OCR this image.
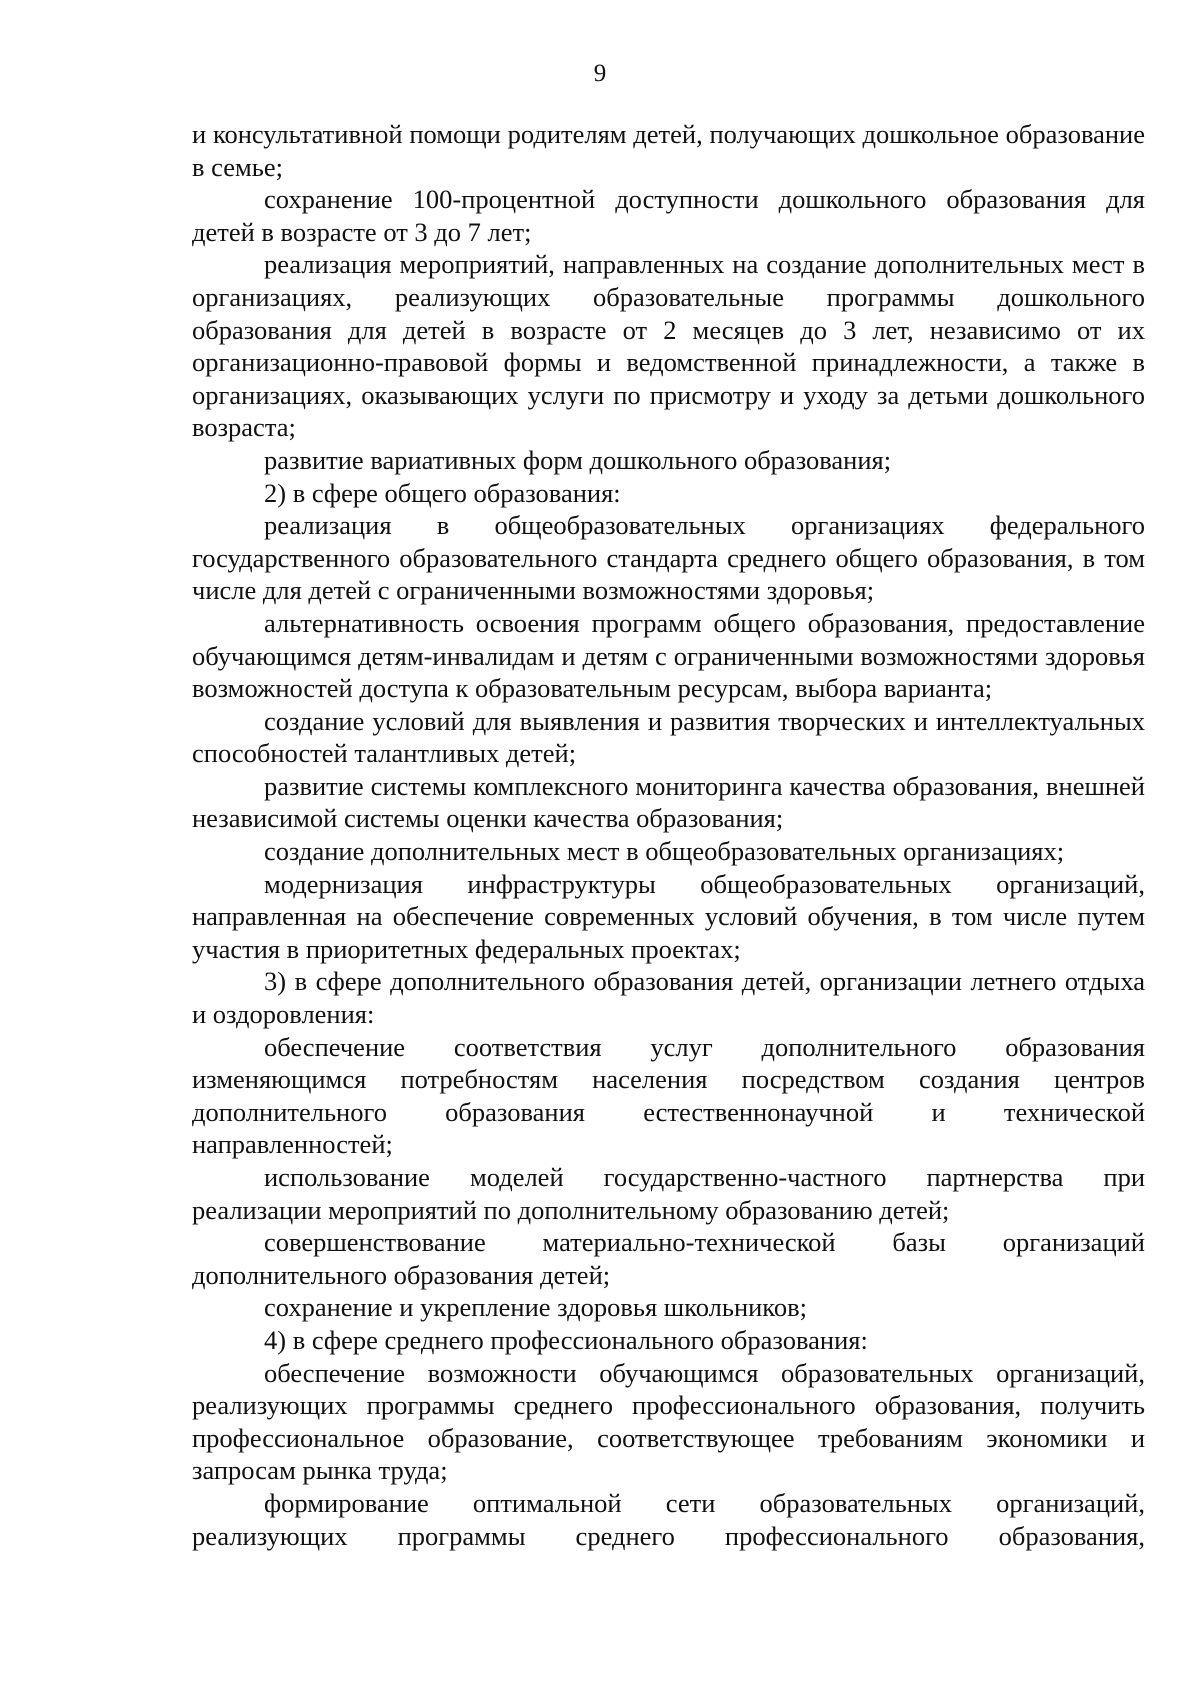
9

и консультативной помощи родителям детей, получающих дошкольное образование в семье;

сохранение 100-процентной доступности дошкольного образования для детей в возрасте от 3 до 7 лет;

реализация мероприятий, направленных на создание дополнительных мест в организациях, реализующих образовательные программы дошкольного образования для детей в возрасте от 2 месяцев до 3 лет, независимо от их организационно-правовой формы и ведомственной принадлежности, а также в организациях, оказывающих услуги по присмотру и уходу за детьми дошкольного возраста;

развитие вариативных форм дошкольного образования;

2) в сфере общего образования:

реализация в общеобразовательных организациях федерального государственного образовательного стандарта среднего общего образования, в том числе для детей с ограниченными возможностями здоровья;

альтернативность освоения программ общего образования, предоставление обучающимся детям-инвалидам и детям с ограниченными возможностями здоровья возможностей доступа к образовательным ресурсам, выбора варианта;

создание условий для выявления и развития творческих и интеллектуальных способностей талантливых детей;

развитие системы комплексного мониторинга качества образования, внешней независимой системы оценки качества образования;

создание дополнительных мест в общеобразовательных организациях;

модернизация инфраструктуры общеобразовательных организаций, направленная на обеспечение современных условий обучения, в том числе путем участия в приоритетных федеральных проектах;

3) в сфере дополнительного образования детей, организации летнего отдыха и оздоровления:

обеспечение соответствия услуг дополнительного образования изменяющимся потребностям населения посредством создания центров дополнительного образования естественнонаучной и технической направленностей;

использование моделей государственно-частного партнерства при реализации мероприятий по дополнительному образованию детей;

совершенствование материально-технической базы организаций дополнительного образования детей;

сохранение и укрепление здоровья школьников;

4) в сфере среднего профессионального образования:

обеспечение возможности обучающимся образовательных организаций, реализующих программы среднего профессионального образования, получить профессиональное образование, соответствующее требованиям экономики и запросам рынка труда;

формирование оптимальной сети образовательных организаций, реализующих программы среднего профессионального образования,
